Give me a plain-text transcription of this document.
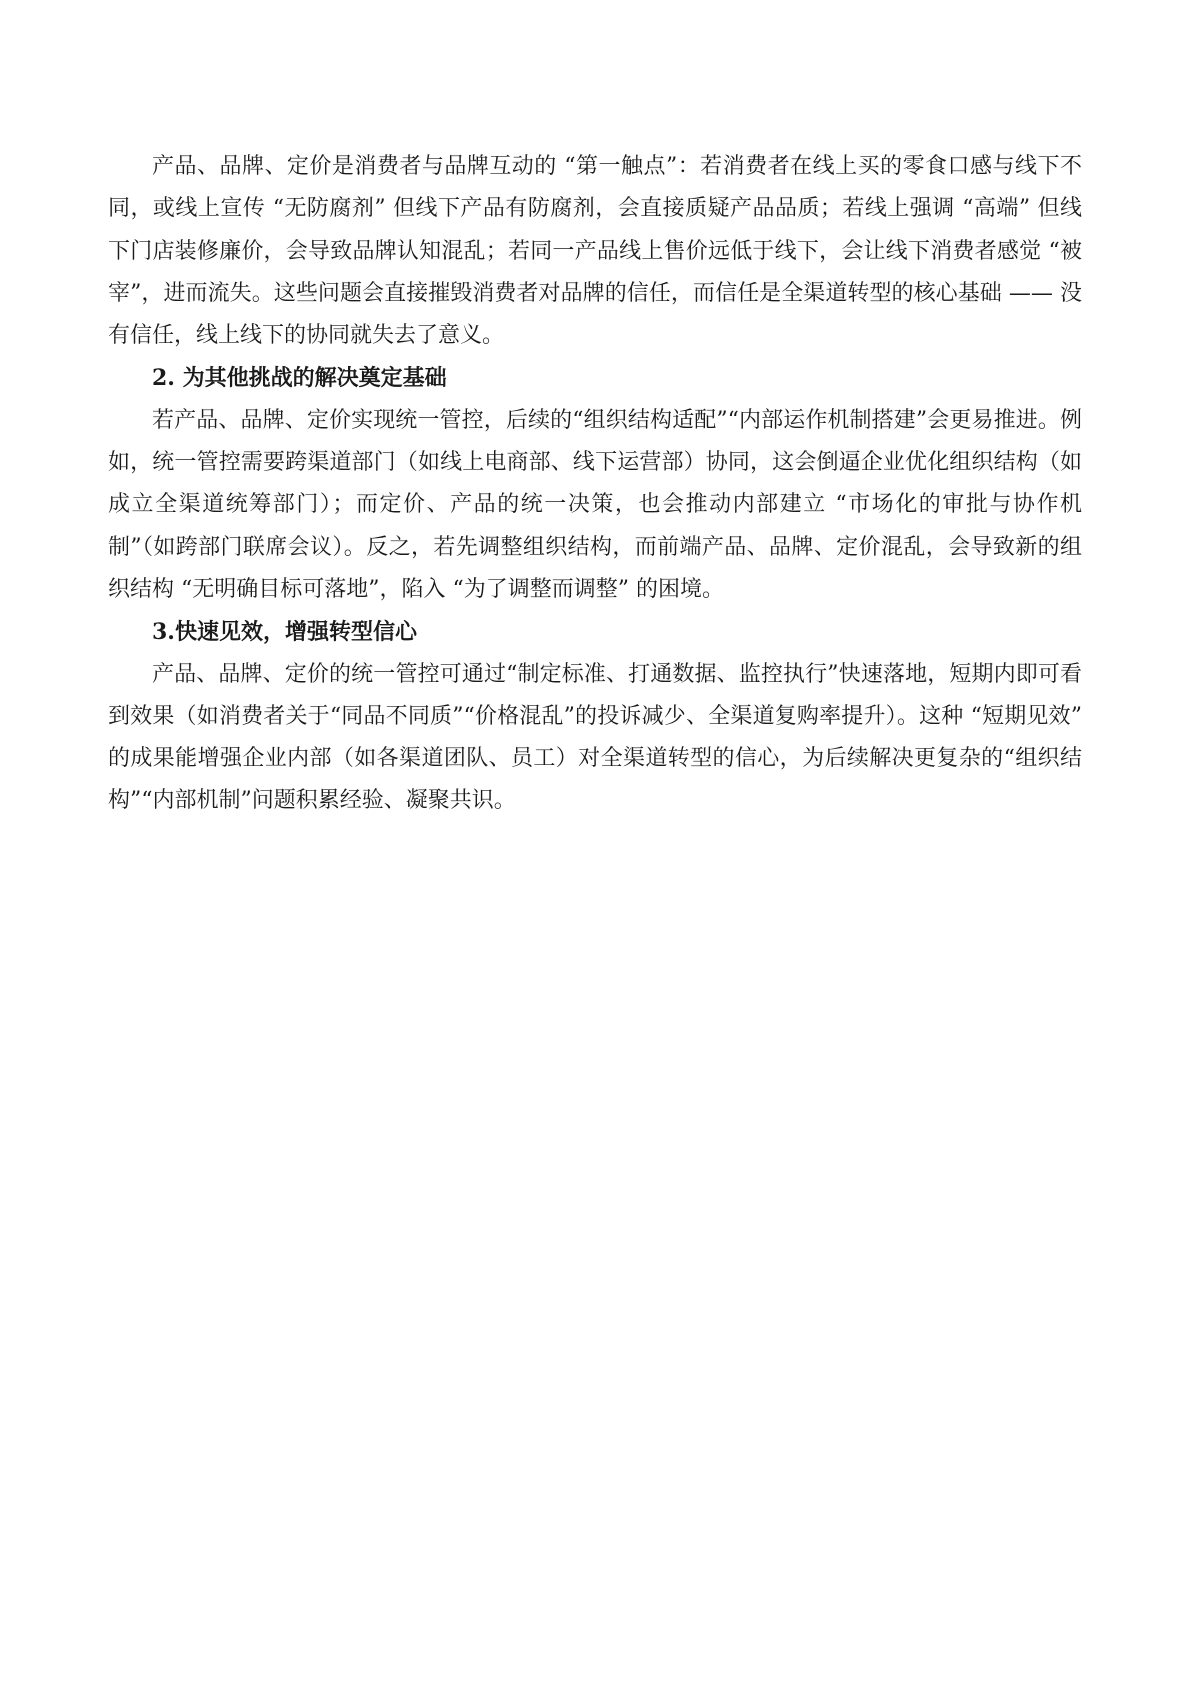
产品、品牌、定价是消费者与品牌互动的 “第一触点”：若消费者在线上买的零食口感与线下不同，或线上宣传 “无防腐剂” 但线下产品有防腐剂，会直接质疑产品品质；若线上强调 “高端” 但线下门店装修廉价，会导致品牌认知混乱；若同一产品线上售价远低于线下，会让线下消费者感觉 “被宰”，进而流失。这些问题会直接摧毁消费者对品牌的信任，而信任是全渠道转型的核心基础 —— 没有信任，线上线下的协同就失去了意义。

2. 为其他挑战的解决奠定基础

若产品、品牌、定价实现统一管控，后续的“组织结构适配”“内部运作机制搭建”会更易推进。例如，统一管控需要跨渠道部门（如线上电商部、线下运营部）协同，这会倒逼企业优化组织结构（如成立全渠道统筹部门）；而定价、产品的统一决策，也会推动内部建立 “市场化的审批与协作机制”（如跨部门联席会议）。反之，若先调整组织结构，而前端产品、品牌、定价混乱，会导致新的组织结构 “无明确目标可落地”，陷入 “为了调整而调整” 的困境。

3.快速见效，增强转型信心

产品、品牌、定价的统一管控可通过“制定标准、打通数据、监控执行”快速落地，短期内即可看到效果（如消费者关于“同品不同质”“价格混乱”的投诉减少、全渠道复购率提升）。这种 “短期见效” 的成果能增强企业内部（如各渠道团队、员工）对全渠道转型的信心，为后续解决更复杂的“组织结构”“内部机制”问题积累经验、凝聚共识。
